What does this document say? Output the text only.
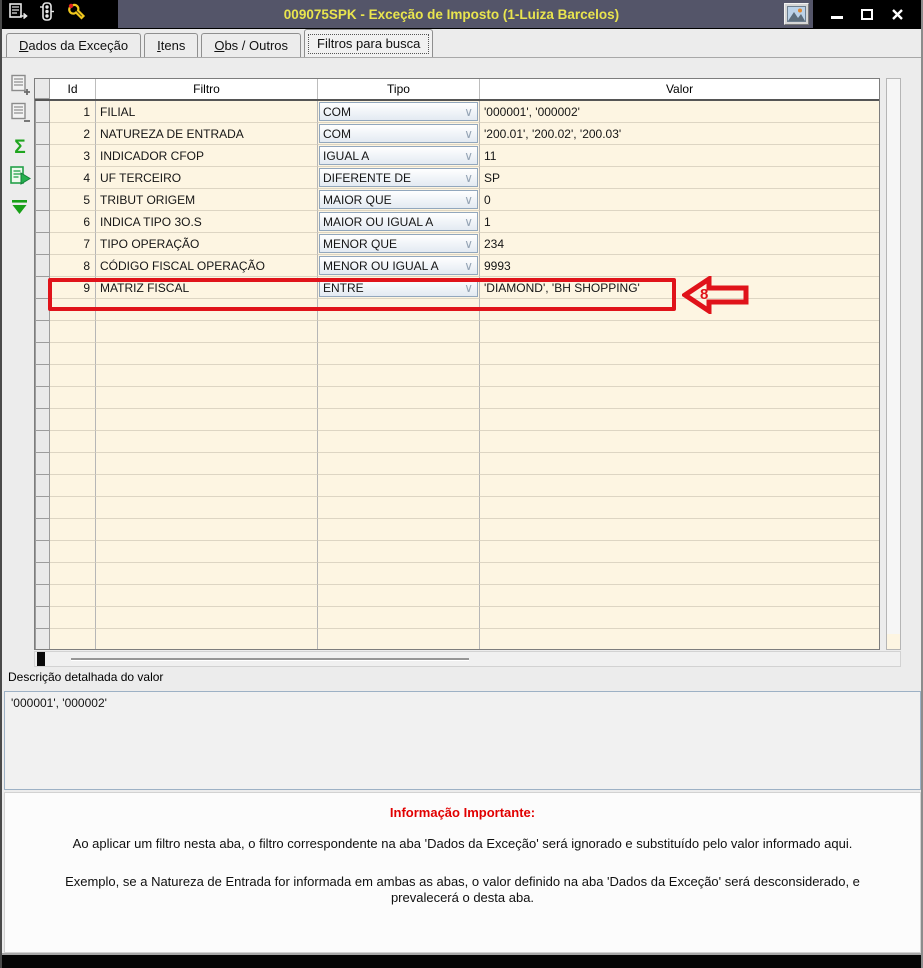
009075SPK - Exceção de Imposto (1-Luiza Barcelos)
Dados da Exceção Itens Obs / Outros Filtros para busca
Σ
Id	Filtro	Tipo	Valor
1 FILIAL	COM	∨ '000001', '000002'
2 NATUREZA DE ENTRADA	COM	∨ '200.01', '200.02', '200.03'
3 INDICADOR CFOP	IGUAL A	∨ 11
4 UF TERCEIRO	DIFERENTE DE	∨ SP
5 TRIBUT ORIGEM	MAIOR QUE	∨ 0
6 INDICA TIPO 3O.S	MAIOR OU IGUAL A	∨ 1
7 TIPO OPERAÇÃO	MENOR QUE	∨ 234
8 CÓDIGO FISCAL OPERAÇÃO	MENOR OU IGUAL A ∨ 9993
9 MATRIZ FISCAL	ENTRE	∨ 'DIAMOND', 'BH SHOPPING'	8
Descrição detalhada do valor
'000001', '000002'
Informação Importante:
Ao aplicar um filtro nesta aba, o filtro correspondente na aba 'Dados da Exceção' será ignorado e substituído pelo valor informado aqui.
Exemplo, se a Natureza de Entrada for informada em ambas as abas, o valor definido na aba 'Dados da Exceção' será desconsiderado, e prevalecerá o desta aba.
